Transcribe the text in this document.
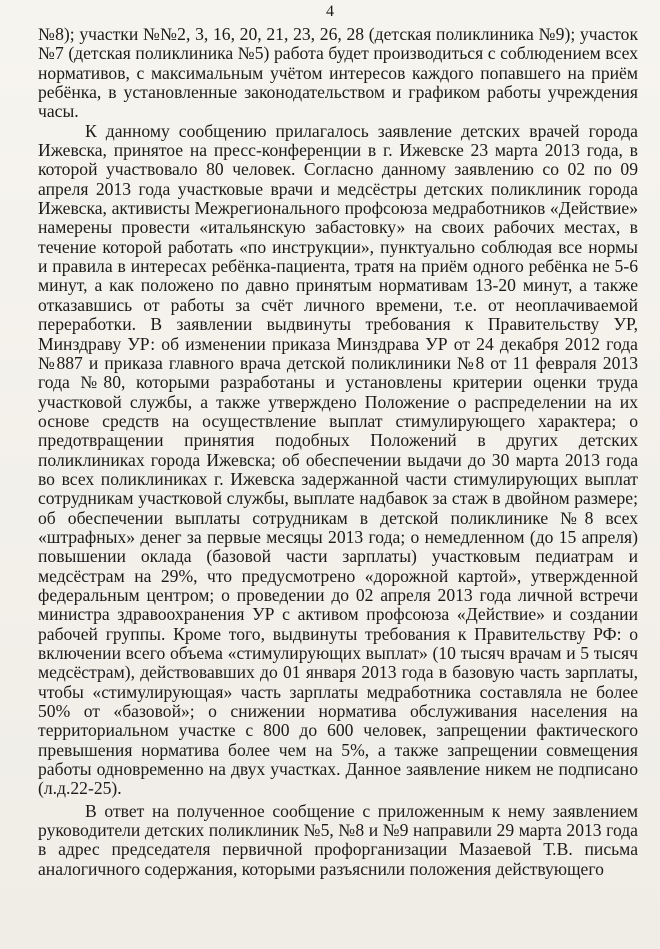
4

№8); участки №№2, 3, 16, 20, 21, 23, 26, 28 (детская поликлиника №9); участок №7 (детская поликлиника №5) работа будет производиться с соблюдением всех нормативов, с максимальным учётом интересов каждого попавшего на приём ребёнка, в установленные законодательством и графиком работы учреждения часы.

К данному сообщению прилагалось заявление детских врачей города Ижевска, принятое на пресс-конференции в г. Ижевске 23 марта 2013 года, в которой участвовало 80 человек. Согласно данному заявлению со 02 по 09 апреля 2013 года участковые врачи и медсёстры детских поликлиник города Ижевска, активисты Межрегионального профсоюза медработников «Действие» намерены провести «итальянскую забастовку» на своих рабочих местах, в течение которой работать «по инструкции», пунктуально соблюдая все нормы и правила в интересах ребёнка-пациента, тратя на приём одного ребёнка не 5-6 минут, а как положено по давно принятым нормативам 13-20 минут, а также отказавшись от работы за счёт личного времени, т.е. от неоплачиваемой переработки. В заявлении выдвинуты требования к Правительству УР, Минздраву УР: об изменении приказа Минздрава УР от 24 декабря 2012 года №887 и приказа главного врача детской поликлиники №8 от 11 февраля 2013 года №80, которыми разработаны и установлены критерии оценки труда участковой службы, а также утверждено Положение о распределении на их основе средств на осуществление выплат стимулирующего характера; о предотвращении принятия подобных Положений в других детских поликлиниках города Ижевска; об обеспечении выдачи до 30 марта 2013 года во всех поликлиниках г. Ижевска задержанной части стимулирующих выплат сотрудникам участковой службы, выплате надбавок за стаж в двойном размере; об обеспечении выплаты сотрудникам в детской поликлинике №8 всех «штрафных» денег за первые месяцы 2013 года; о немедленном (до 15 апреля) повышении оклада (базовой части зарплаты) участковым педиатрам и медсёстрам на 29%, что предусмотрено «дорожной картой», утвержденной федеральным центром; о проведении до 02 апреля 2013 года личной встречи министра здравоохранения УР с активом профсоюза «Действие» и создании рабочей группы. Кроме того, выдвинуты требования к Правительству РФ: о включении всего объема «стимулирующих выплат» (10 тысяч врачам и 5 тысяч медсёстрам), действовавших до 01 января 2013 года в базовую часть зарплаты, чтобы «стимулирующая» часть зарплаты медработника составляла не более 50% от «базовой»; о снижении норматива обслуживания населения на территориальном участке с 800 до 600 человек, запрещении фактического превышения норматива более чем на 5%, а также запрещении совмещения работы одновременно на двух участках. Данное заявление никем не подписано (л.д.22-25).

В ответ на полученное сообщение с приложенным к нему заявлением руководители детских поликлиник №5, №8 и №9 направили 29 марта 2013 года в адрес председателя первичной профорганизации Мазаевой Т.В. письма аналогичного содержания, которыми разъяснили положения действующего
